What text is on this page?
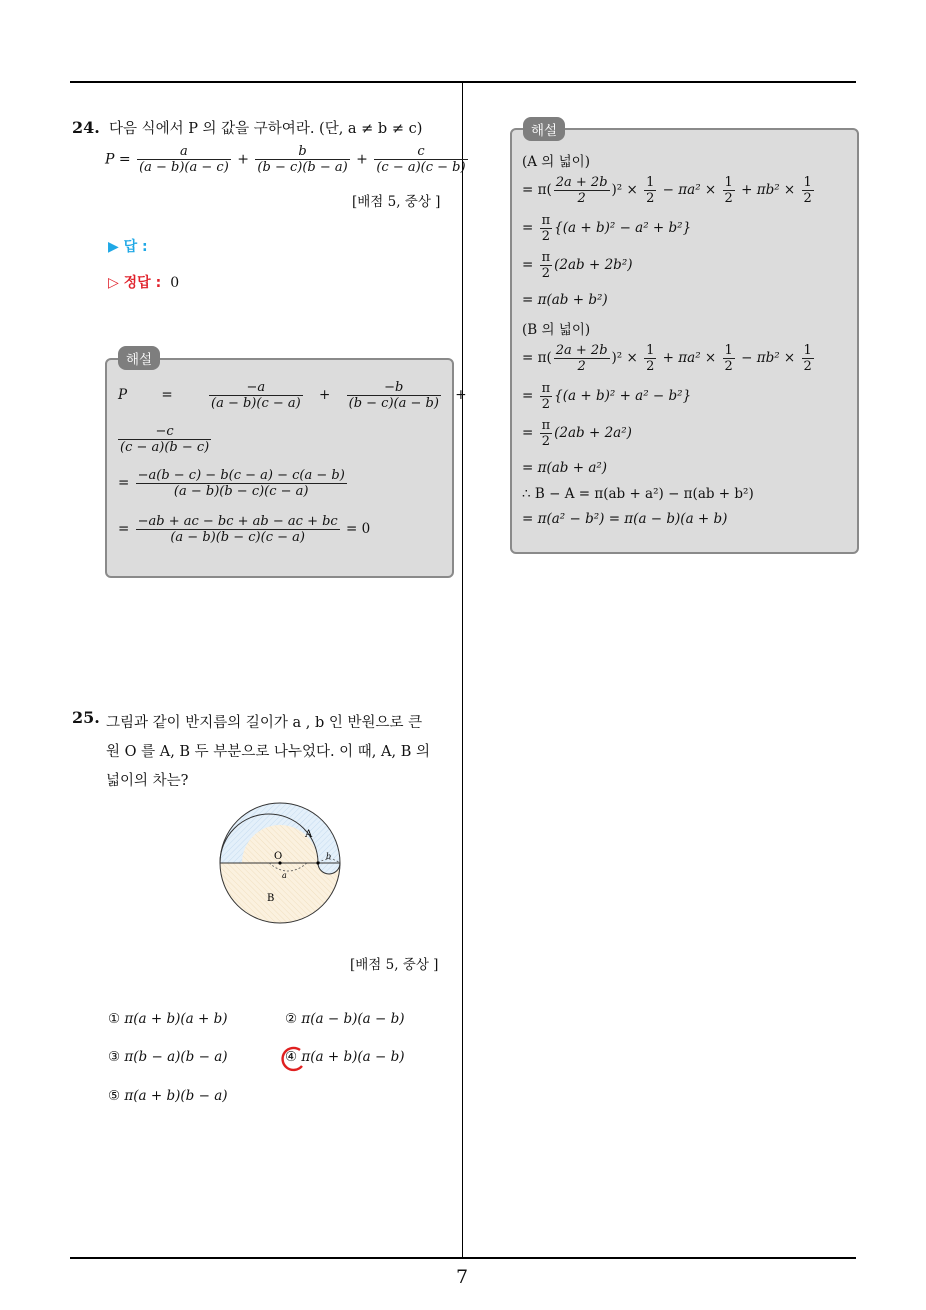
24. 다음 식에서 P 의 값을 구하여라. (단, a ≠ b ≠ c)
$P = \frac{a}{(a - b)(a - c)} + \frac{b}{(b - c)(b - a)} + \frac{c}{(c - a)(c - b)}$
[배점 5, 중상 ]
▶ 답 :
▷ 정답 : 0
해설
P	=	$\frac{-a}{(a - b)(c - a)} + \frac{-b}{(b - c)(a - b)}$ +
$\frac{-c}{(c - a)(b - c)}$
= $\frac{-a(b - c) - b(c - a) - c(a - b)}{(a - b)(b - c)(c - a)}$
= $\frac{-ab + ac - bc + ab - ac + bc}{(a - b)(b - c)(c - a)} = 0$
25. 그림과 같이 반지름의 길이가 a , b 인 반원으로 큰
원 O 를 A, B 두 부분으로 나누었다. 이 때, A, B 의
넓이의 차는?
A
B
O
a
b
[배점 5, 중상 ]
① π(a + b)(a + b)	② π(a − b)(a − b)
③ π(b − a)(b − a)	④ π(a + b)(a − b)
⑤ π(a + b)(b − a)
해설
(A 의 넓이)
= $\pi( \frac{2a + 2b}{2} )^2 \times \frac{1}{2} - \pi a^2 \times \frac{1}{2} + \pi b^2 \times \frac{1}{2}$
= $\frac{\pi}{2} \{(a + b)^2 - a^2 + b^2\}$
= $\frac{\pi}{2} (2ab + 2b^2)$
= π(ab + b²)
(B 의 넓이)
= $\pi( \frac{2a + 2b}{2} )^2 \times \frac{1}{2} + \pi a^2 \times \frac{1}{2} - \pi b^2 \times \frac{1}{2}$
= $\frac{\pi}{2} \{(a + b)^2 + a^2 - b^2\}$
= $\frac{\pi}{2} (2ab + 2a^2)$
= π(ab + a²)
∴ B − A = π(ab + a²) − π(ab + b²)
= π(a² − b²) = π(a − b)(a + b)
7
